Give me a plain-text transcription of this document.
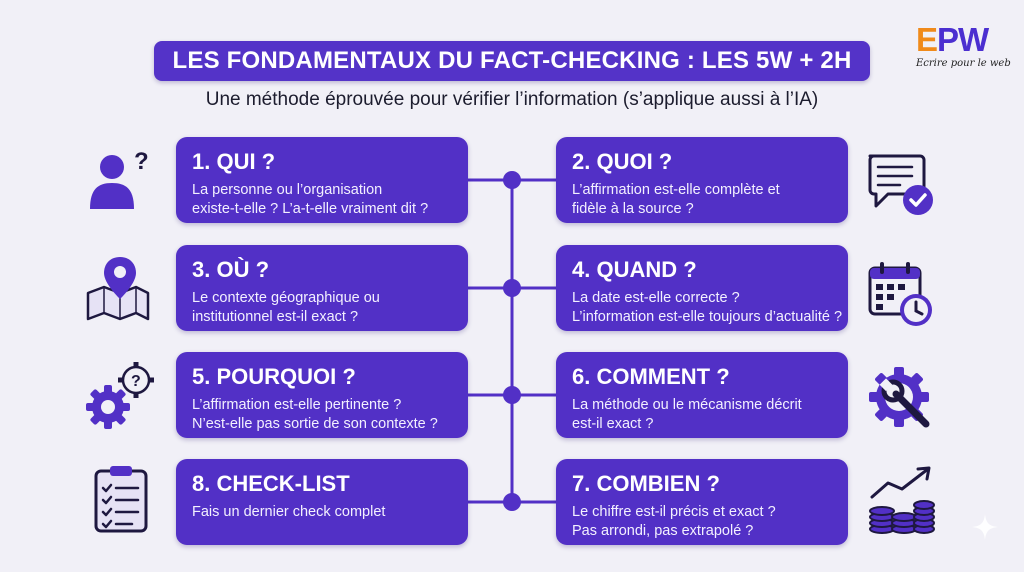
LES FONDAMENTAUX DU FACT-CHECKING : LES 5W + 2H
Une méthode éprouvée pour vérifier l’information (s’applique aussi à l’IA)
EPW
Ecrire pour le web
1. QUI ?
La personne ou l’organisation
existe-t-elle ? L’a-t-elle vraiment dit ?
3. OÙ ?
Le contexte géographique ou
institutionnel est-il exact ?
5. POURQUOI ?
L’affirmation est-elle pertinente ?
N’est-elle pas sortie de son contexte ?
8. CHECK-LIST
Fais un dernier check complet
2. QUOI ?
L’affirmation est-elle complète et
fidèle à la source ?
4. QUAND ?
La date est-elle correcte ?
L’information est-elle toujours d’actualité ?
6. COMMENT ?
La méthode ou le mécanisme décrit
est-il exact ?
7. COMBIEN ?
Le chiffre est-il précis et exact ?
Pas arrondi, pas extrapolé ?
?
?
